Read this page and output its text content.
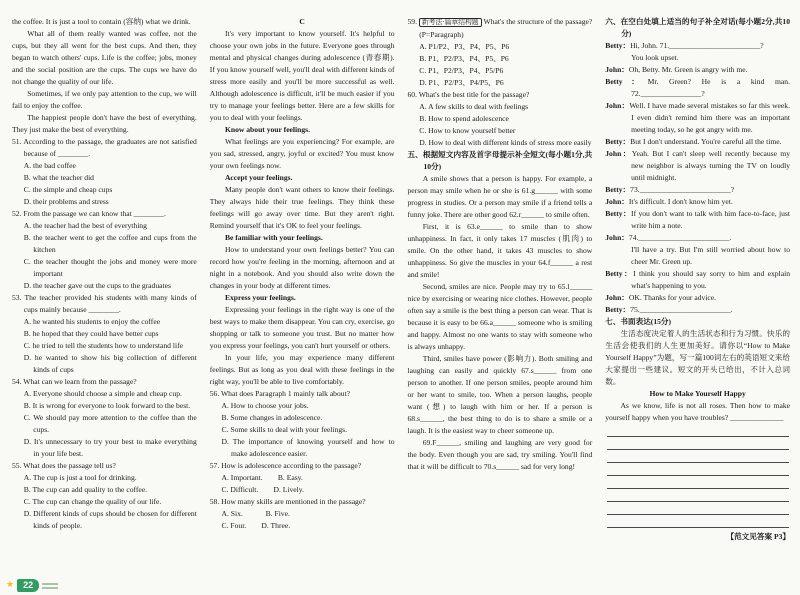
the coffee. It is just a tool to contain (容纳) what we drink.
What all of them really wanted was coffee, not the cups, but they all went for the best cups. And then, they began to watch others' cups. Life is the coffee; jobs, money and the social position are the cups. The cups we have do not change the quality of our life.
Sometimes, if we only pay attention to the cup, we will fail to enjoy the coffee.
The happiest people don't have the best of everything. They just make the best of everything.
51. According to the passage, the graduates are not satisfied because of ________.
A. the bad coffee
B. what the teacher did
C. the simple and cheap cups
D. their problems and stress
52. From the passage we can know that ________.
A. the teacher had the best of everything
B. the teacher went to get the coffee and cups from the kitchen
C. the teacher thought the jobs and money were more important
D. the teacher gave out the cups to the graduates
53. The teacher provided his students with many kinds of cups mainly because ________.
A. he wanted his students to enjoy the coffee
B. he hoped that they could have better cups
C. he tried to tell the students how to understand life
D. he wanted to show his big collection of different kinds of cups
54. What can we learn from the passage?
A. Everyone should choose a simple and cheap cup.
B. It is wrong for everyone to look forward to the best.
C. We should pay more attention to the coffee than the cups.
D. It's unnecessary to try your best to make everything in your life best.
55. What does the passage tell us?
A. The cup is just a tool for drinking.
B. The cup can add quality to the coffee.
C. The cup can change the quality of our life.
D. Different kinds of cups should be chosen for different kinds of people.
C
It's very important to know yourself. It's helpful to choose your own jobs in the future. Everyone goes through mental and physical changes during adolescence (青春期). If you know yourself well, you'll deal with different kinds of stress more easily and you'll be more successful as well. Although adolescence is difficult, it'll be much easier if you try to manage your feelings better. Here are a few skills for you to deal with your feelings.
Know about your feelings.
What feelings are you experiencing? For example, are you sad, stressed, angry, joyful or excited? You must know your own feelings now.
Accept your feelings.
Many people don't want others to know their feelings. They always hide their true feelings. They think these feelings will go away over time. But they aren't right. Remind yourself that it's OK to feel your feelings.
Be familiar with your feelings.
How to understand your own feelings better? You can record how you're feeling in the morning, afternoon and at night in a notebook. And you should also write down the changes in your body at different times.
Express your feelings.
Expressing your feelings in the right way is one of the best ways to make them disappear. You can cry, exercise, go shopping or talk to someone you trust. But no matter how you express your feelings, you can't hurt yourself or others.
In your life, you may experience many different feelings. But as long as you deal with these feelings in the right way, you'll be able to live comfortably.
56. What does Paragraph 1 mainly talk about?
A. How to choose your jobs.
B. Some changes in adolescence.
C. Some skills to deal with your feelings.
D. The importance of knowing yourself and how to make adolescence easier.
57. How is adolescence according to the passage?
A. Important.  B. Easy.
C. Difficult.  D. Lively.
58. How many skills are mentioned in the passage?
A. Six.   B. Five.
C. Four.  D. Three.
59. 新考法·篇章结构题 What's the structure of the passage? (P=Paragraph)
A. P1/P2、P3、P4、P5、P6
B. P1、P2/P3、P4、P5、P6
C. P1、P2/P3、P4、P5/P6
D. P1、P2/P3、P4/P5、P6
60. What's the best title for the passage?
A. A few skills to deal with feelings
B. How to spend adolescence
C. How to know yourself better
D. How to deal with different kinds of stress more easily
五、根据短文内容及首字母提示补全短文(每小题1分,共10分)
A smile shows that a person is happy. For example, a person may smile when he or she is 61.g______ with some progress in studies. Or a person may smile if a friend tells a funny joke. There are other good 62.r______ to smile often.
First, it is 63.e______ to smile than to show unhappiness. In fact, it only takes 17 muscles (肌肉) to smile. On the other hand, it takes 43 muscles to show unhappiness. So give the muscles in your 64.f______ a rest and smile!
Second, smiles are nice. People may try to 65.l______ nice by exercising or wearing nice clothes. However, people often say a smile is the best thing a person can wear. That is because it is easy to be 66.a______ someone who is smiling and happy. Almost no one wants to stay with someone who is always unhappy.
Third, smiles have power (影响力). Both smiling and laughing can easily and quickly 67.s______ from one person to another. If one person smiles, people around him or her want to smile, too. When a person laughs, people want (想) to laugh with him or her. If a person is 68.s______, the best thing to do is to share a smile or a laugh. It is the easiest way to cheer someone up.
69.F______, smiling and laughing are very good for the body. Even though you are sad, try smiling. You'll find that it will be difficult to 70.s______ sad for very long!
六、在空白处填上适当的句子补全对话(每小题2分,共10分)
Betty：Hi, John. 71.________________________?
You look upset.
John：Oh, Betty. Mr. Green is angry with me.
Betty：Mr. Green? He is a kind man. 72.________________?
John：Well. I have made several mistakes so far this week. I even didn't remind him there was an important meeting today, so he got angry with me.
Betty：But I don't understand. You're careful all the time.
John：Yeah. But I can't sleep well recently because my new neighbor is always turning the TV on loudly until midnight.
Betty：73.________________________?
John：It's difficult. I don't know him yet.
Betty：If you don't want to talk with him face-to-face, just write him a note.
John：74.________________________.
I'll have a try. But I'm still worried about how to cheer Mr. Green up.
Betty：I think you should say sorry to him and explain what's happening to you.
John：OK. Thanks for your advice.
Betty：75.________________________.
七、书面表达(15分)
生活态度决定着人的生活状态和行为习惯。快乐的生活会使我们的人生更加美好。请你以“How to Make Yourself Happy”为题，写一篇100词左右的英语短文来给大家提出一些建议。短文的开头已给出，不计入总词数。
How to Make Yourself Happy
As we know, life is not all roses. Then how to make yourself happy when you have troubles? ______________
【范文见答案 P3】
★	22
